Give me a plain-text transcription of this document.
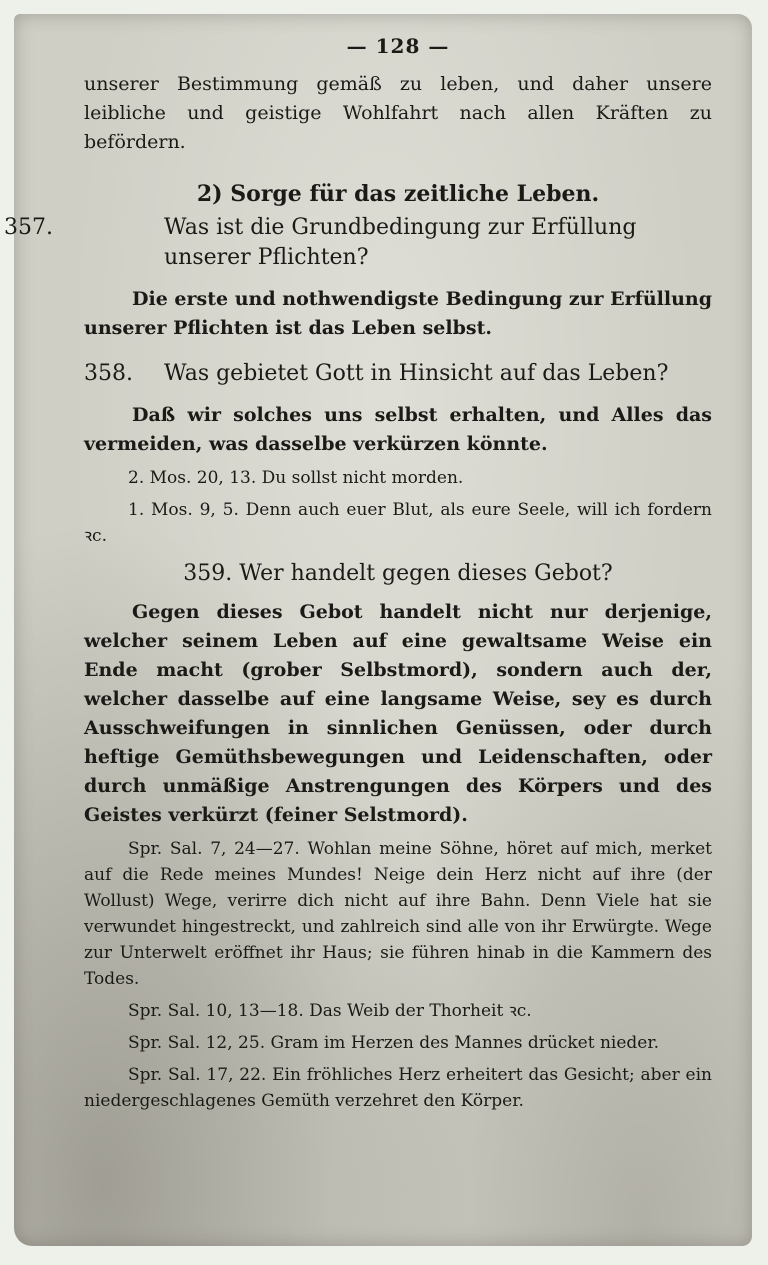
— 128 —

unserer Bestimmung gemäß zu leben, und daher unsere leibliche und geistige Wohlfahrt nach allen Kräften zu befördern.

2) Sorge für das zeitliche Leben.
357.	Was ist die Grundbedingung zur Erfüllung unserer Pflichten?

Die erste und nothwendigste Bedingung zur Erfüllung unserer Pflichten ist das Leben selbst.

358. Was gebietet Gott in Hinsicht auf das Leben?

Daß wir solches uns selbst erhalten, und Alles das vermeiden, was dasselbe verkürzen könnte.

2. Mos. 20, 13. Du sollst nicht morden.

1. Mos. 9, 5. Denn auch euer Blut, als eure Seele, will ich fordern ꝛc.

359. Wer handelt gegen dieses Gebot?

Gegen dieses Gebot handelt nicht nur derjenige, welcher seinem Leben auf eine gewaltsame Weise ein Ende macht (grober Selbstmord), sondern auch der, welcher dasselbe auf eine langsame Weise, sey es durch Ausschweifungen in sinnlichen Genüssen, oder durch heftige Gemüthsbewegungen und Leidenschaften, oder durch unmäßige Anstrengungen des Körpers und des Geistes verkürzt (feiner Selstmord).

Spr. Sal. 7, 24—27. Wohlan meine Söhne, höret auf mich, merket auf die Rede meines Mundes! Neige dein Herz nicht auf ihre (der Wollust) Wege, verirre dich nicht auf ihre Bahn. Denn Viele hat sie verwundet hingestreckt, und zahlreich sind alle von ihr Erwürgte. Wege zur Unterwelt eröffnet ihr Haus; sie führen hinab in die Kammern des Todes.

Spr. Sal. 10, 13—18. Das Weib der Thorheit ꝛc.

Spr. Sal. 12, 25. Gram im Herzen des Mannes drücket nieder.

Spr. Sal. 17, 22. Ein fröhliches Herz erheitert das Gesicht; aber ein niedergeschlagenes Gemüth verzehret den Körper.
